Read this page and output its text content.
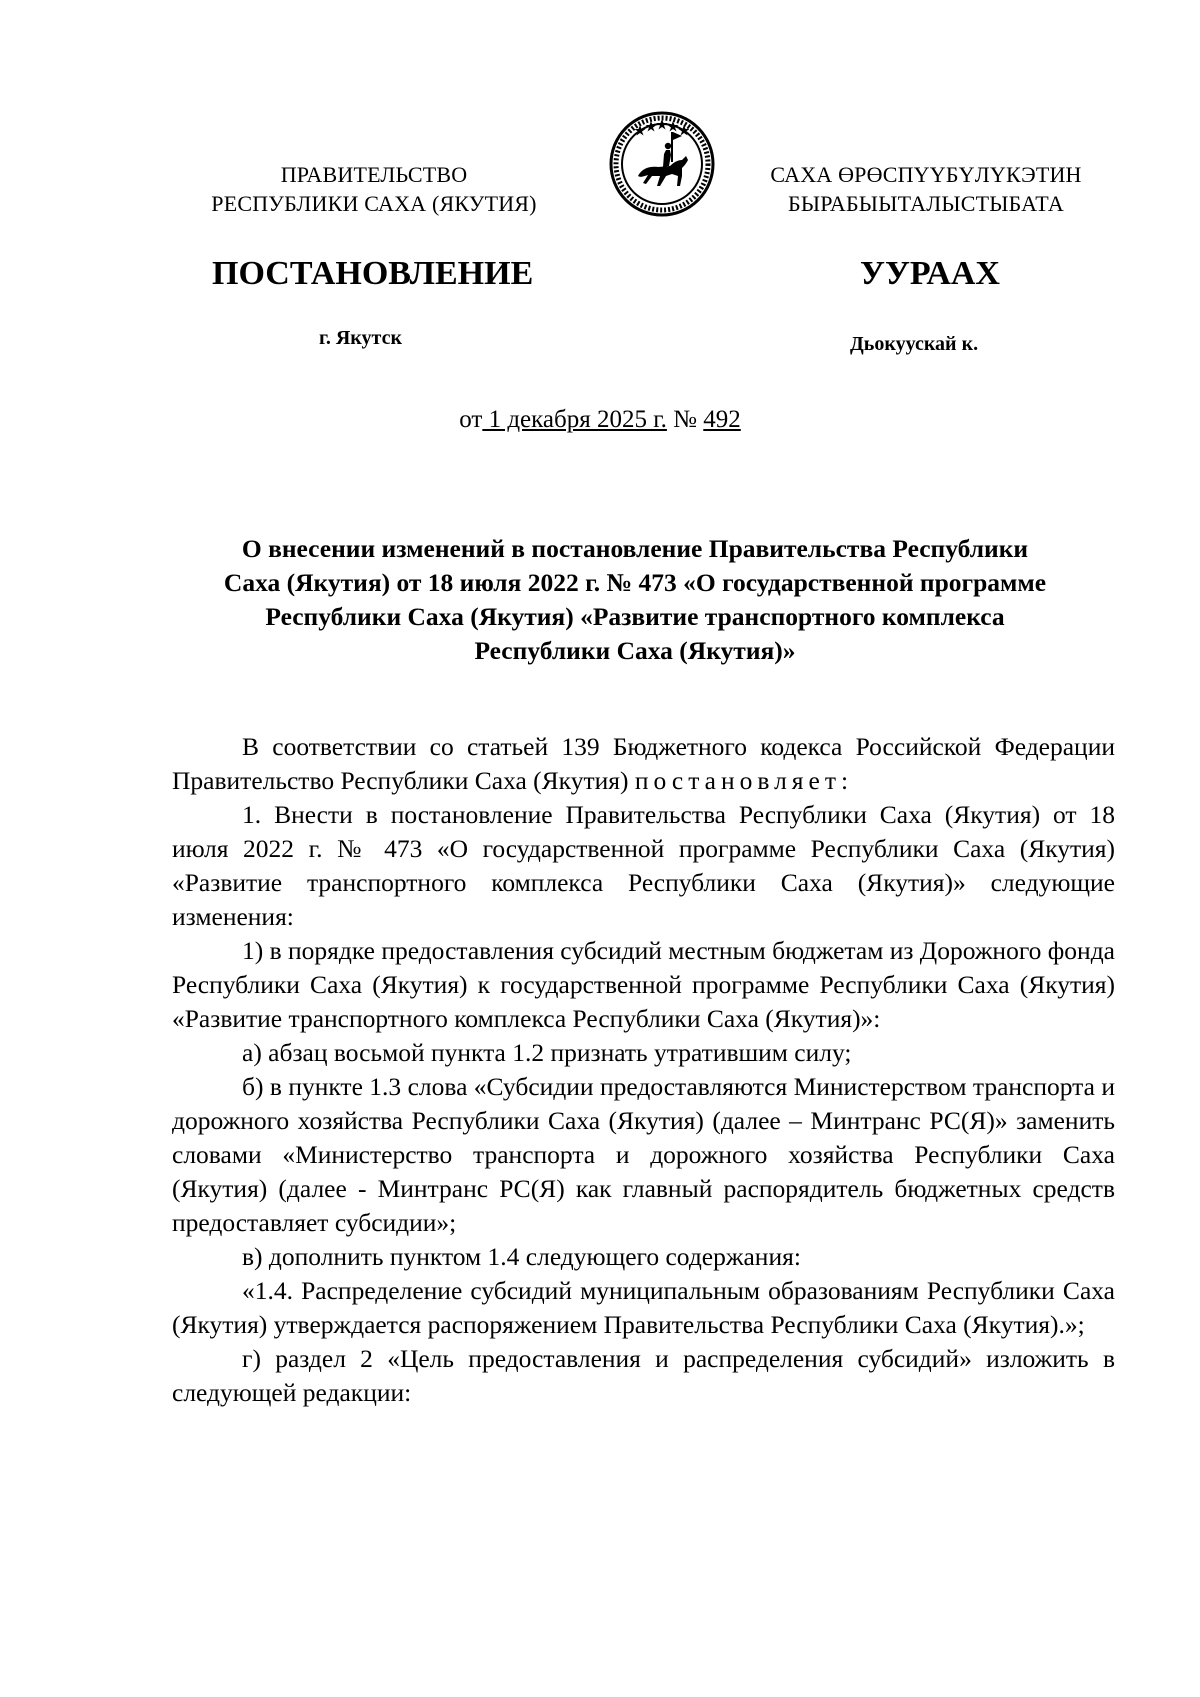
ПРАВИТЕЛЬСТВО
РЕСПУБЛИКИ САХА (ЯКУТИЯ)
САХА ӨРӨСПҮҮБҮЛҮКЭТИН
БЫРАБЫЫТАЛЫСТЫБАТА
ПОСТАНОВЛЕНИЕ	УУРААХ
г. Якутск	Дьокуускай к.
от 1 декабря 2025 г. № 492
О внесении изменений в постановление Правительства Республики
Саха (Якутия) от 18 июля 2022 г. № 473 «О государственной программе
Республики Саха (Якутия) «Развитие транспортного комплекса
Республики Саха (Якутия)»

В соответствии со статьей 139 Бюджетного кодекса Российской Федерации Правительство Республики Саха (Якутия) постановляет:

1. Внести в постановление Правительства Республики Саха (Якутия) от 18 июля 2022 г. № 473 «О государственной программе Республики Саха (Якутия) «Развитие транспортного комплекса Республики Саха (Якутия)» следующие изменения:

1) в порядке предоставления субсидий местным бюджетам из Дорожного фонда Республики Саха (Якутия) к государственной программе Республики Саха (Якутия) «Развитие транспортного комплекса Республики Саха (Якутия)»:

а) абзац восьмой пункта 1.2 признать утратившим силу;

б) в пункте 1.3 слова «Субсидии предоставляются Министерством транспорта и дорожного хозяйства Республики Саха (Якутия) (далее – Минтранс РС(Я)» заменить словами «Министерство транспорта и дорожного хозяйства Республики Саха (Якутия) (далее - Минтранс РС(Я) как главный распорядитель бюджетных средств предоставляет субсидии»;

в) дополнить пунктом 1.4 следующего содержания:

«1.4. Распределение субсидий муниципальным образованиям Республики Саха (Якутия) утверждается распоряжением Правительства Республики Саха (Якутия).»;

г) раздел 2 «Цель предоставления и распределения субсидий» изложить в следующей редакции:
